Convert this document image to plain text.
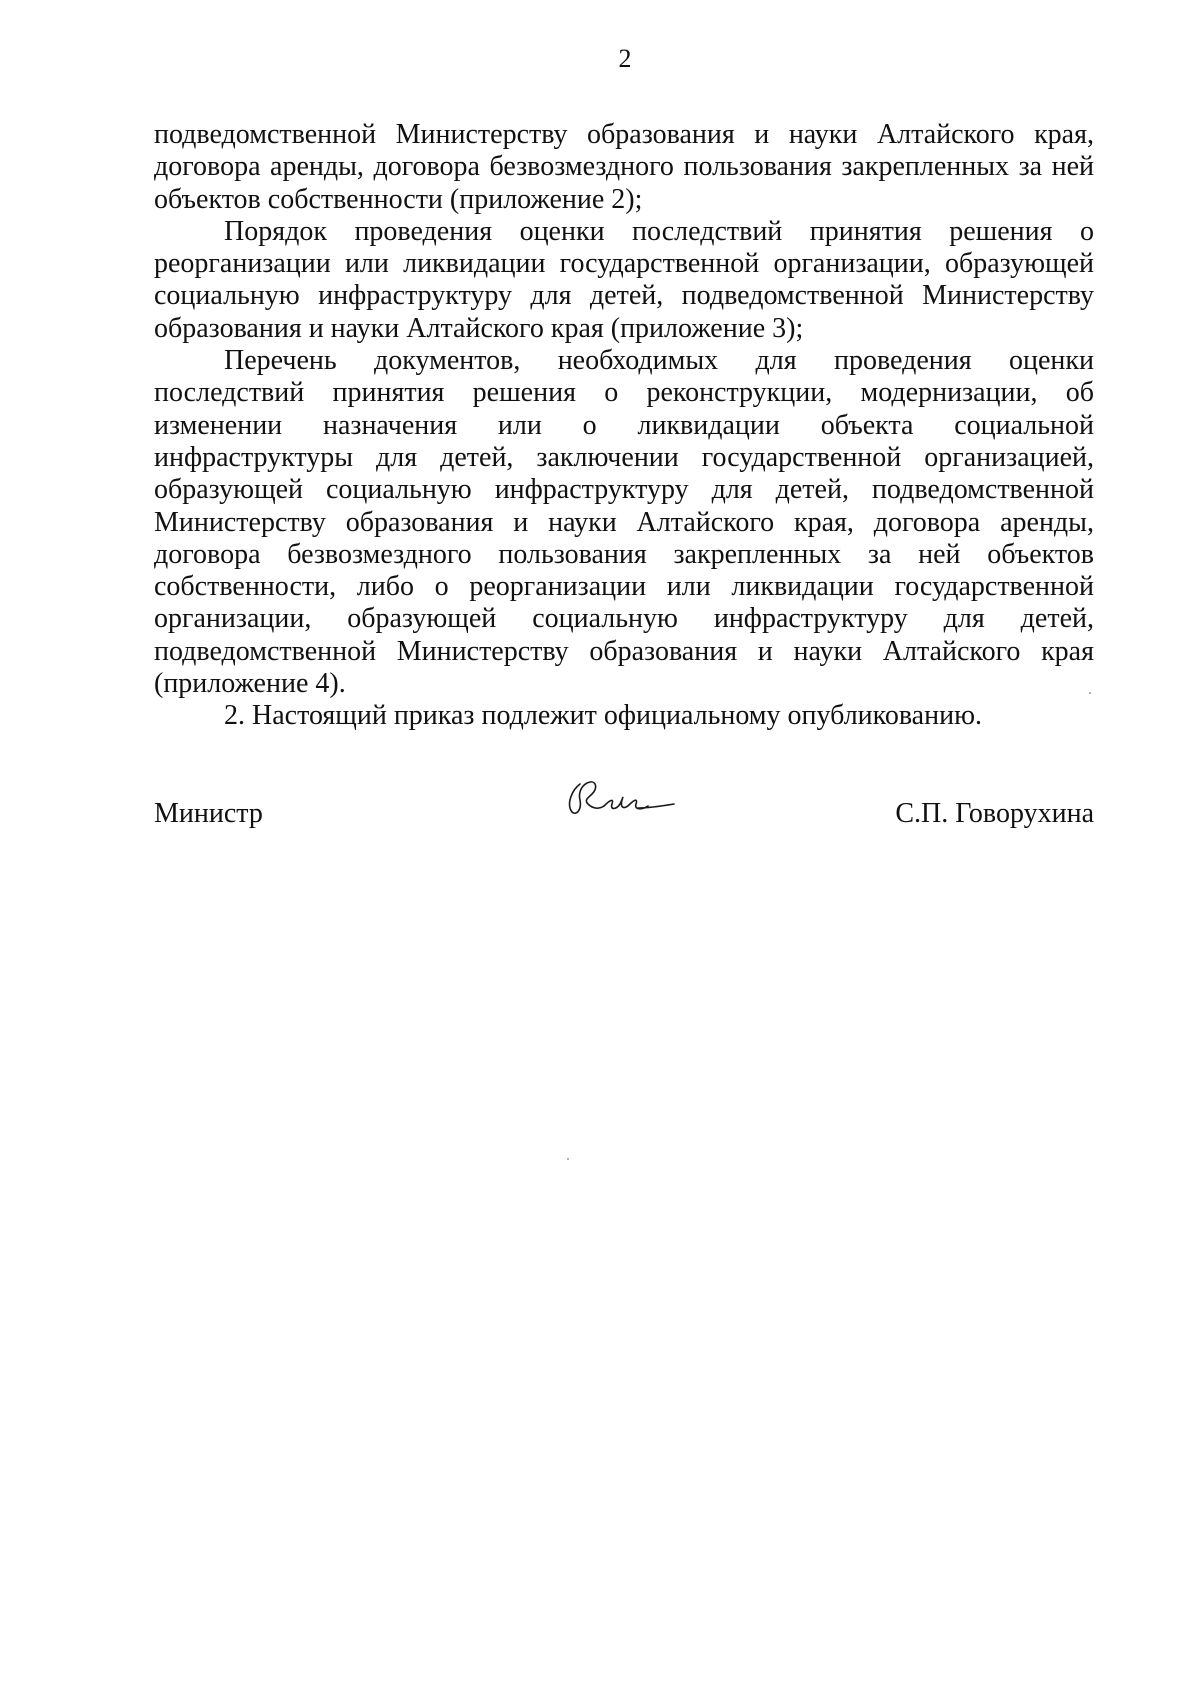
2

подведомственной Министерству образования и науки Алтайского края, договора аренды, договора безвозмездного пользования закрепленных за ней объектов собственности (приложение 2);

Порядок проведения оценки последствий принятия решения о реорганизации или ликвидации государственной организации, образующей социальную инфраструктуру для детей, подведомственной Министерству образования и науки Алтайского края (приложение 3);

Перечень документов, необходимых для проведения оценки последствий принятия решения о реконструкции, модернизации, об изменении назначения или о ликвидации объекта социальной инфраструктуры для детей, заключении государственной организацией, образующей социальную инфраструктуру для детей, подведомственной Министерству образования и науки Алтайского края, договора аренды, договора безвозмездного пользования закрепленных за ней объектов собственности, либо о реорганизации или ликвидации государственной организации, образующей социальную инфраструктуру для детей, подведомственной Министерству образования и науки Алтайского края (приложение 4).

2. Настоящий приказ подлежит официальному опубликованию.

Министр	С.П. Говорухина
